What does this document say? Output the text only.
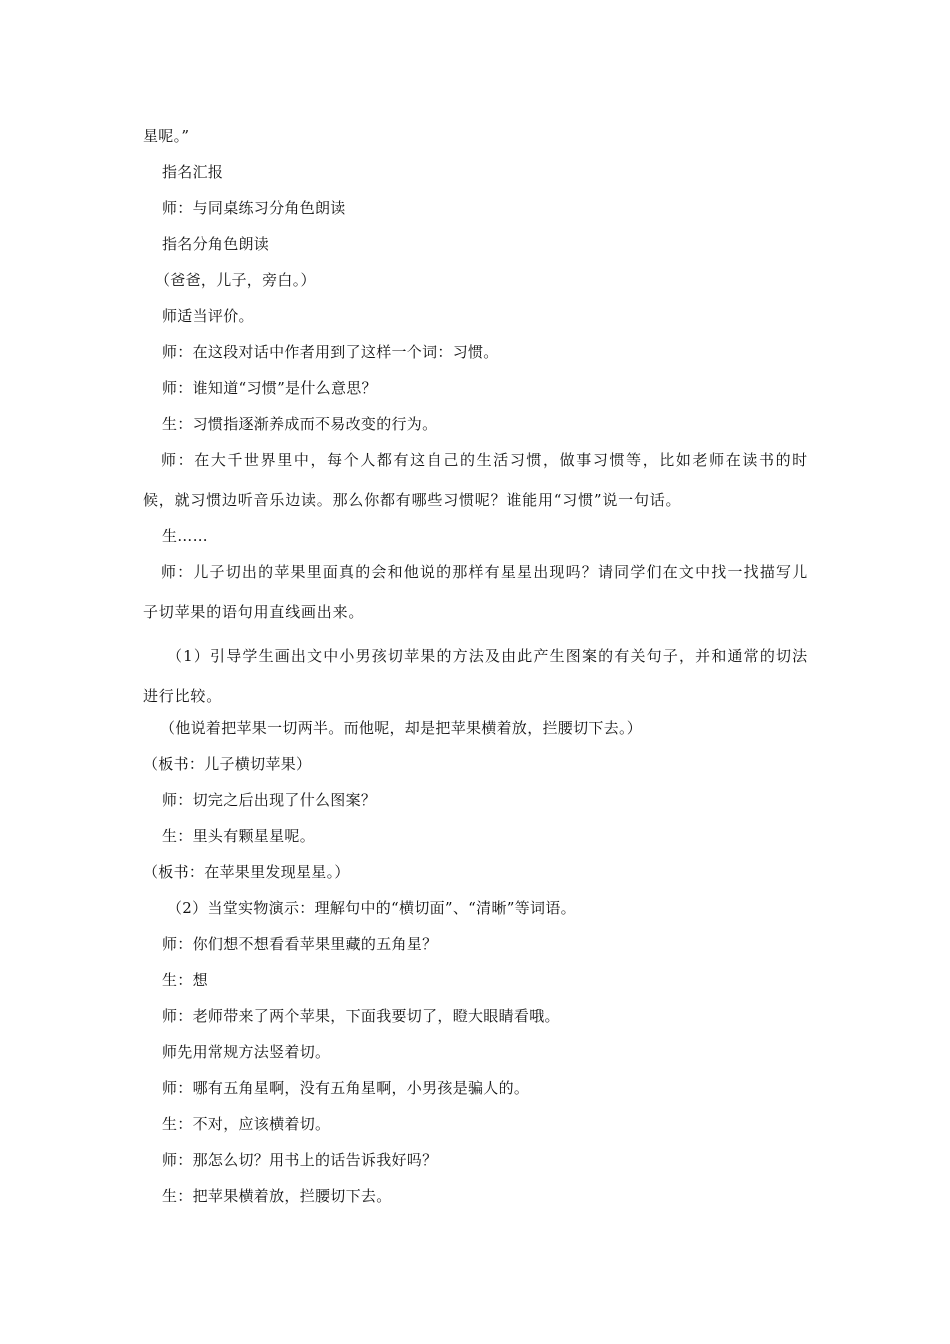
星呢。”
指名汇报
师：与同桌练习分角色朗读
指名分角色朗读
（爸爸，儿子，旁白。）
师适当评价。
师：在这段对话中作者用到了这样一个词：习惯。
师：谁知道“习惯”是什么意思？
生：习惯指逐渐养成而不易改变的行为。
师：在大千世界里中，每个人都有这自己的生活习惯，做事习惯等，比如老师在读书的时候，就习惯边听音乐边读。那么你都有哪些习惯呢？谁能用“习惯”说一句话。
生……
师：儿子切出的苹果里面真的会和他说的那样有星星出现吗？请同学们在文中找一找描写儿子切苹果的语句用直线画出来。
（1）引导学生画出文中小男孩切苹果的方法及由此产生图案的有关句子，并和通常的切法进行比较。
（他说着把苹果一切两半。而他呢，却是把苹果横着放，拦腰切下去。）
（板书：儿子横切苹果）
师：切完之后出现了什么图案？
生：里头有颗星星呢。
（板书：在苹果里发现星星。）
（2）当堂实物演示：理解句中的“横切面”、“清晰”等词语。
师：你们想不想看看苹果里藏的五角星？
生：想
师：老师带来了两个苹果，下面我要切了，瞪大眼睛看哦。
师先用常规方法竖着切。
师：哪有五角星啊，没有五角星啊，小男孩是骗人的。
生：不对，应该横着切。
师：那怎么切？用书上的话告诉我好吗？
生：把苹果横着放，拦腰切下去。
